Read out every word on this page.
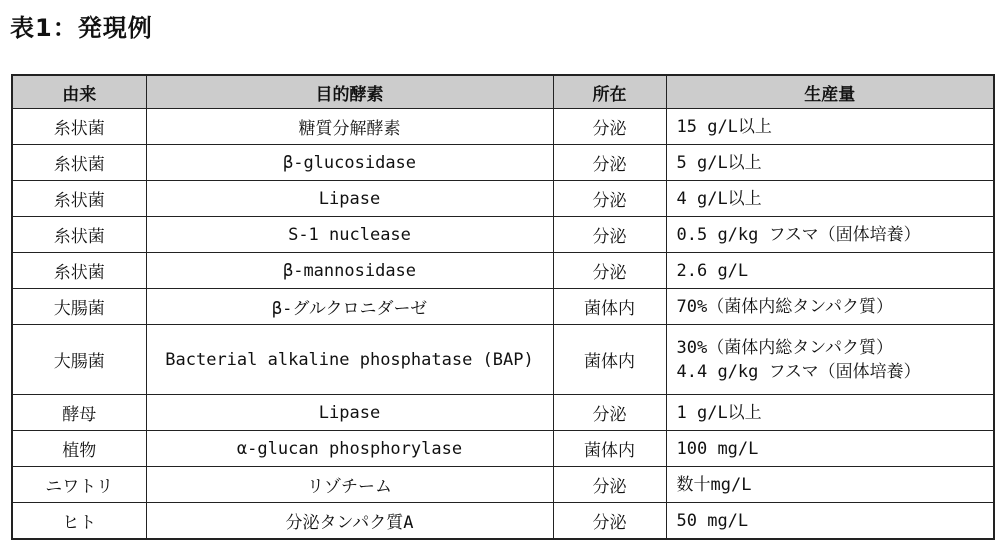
表1：発現例
由来	目的酵素	所在	生産量
糸状菌	糖質分解酵素	分泌	15 g/L以上

糸状菌	β-glucosidase	分泌	5 g/L以上

糸状菌	Lipase	分泌	4 g/L以上

糸状菌	S-1 nuclease	分泌	0.5 g/kg フスマ（固体培養）

糸状菌	β-mannosidase	分泌	2.6 g/L

大腸菌	β-グルクロニダーゼ	菌体内	70%（菌体内総タンパク質）

大腸菌	Bacterial alkaline phosphatase (BAP)	菌体内	30%（菌体内総タンパク質）
4.4 g/kg フスマ（固体培養）

酵母	Lipase	分泌	1 g/L以上

植物	α-glucan phosphorylase	菌体内	100 mg/L

ニワトリ	リゾチーム	分泌	数十mg/L

ヒト	分泌タンパク質A	分泌	50 mg/L
